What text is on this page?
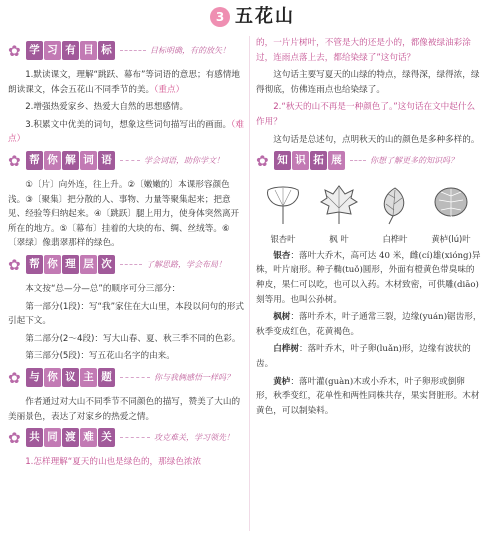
3 五花山
✿ 学 习 有 目 标	目标明确，有的放矢！

1.默读课文，理解“跳跃、幕布”等词语的意思；有感情地朗读课文，体会五花山不同季节的美。（重点）

2.增强热爱家乡、热爱大自然的思想感情。

3.积累文中优美的词句，想象这些词句描写出的画面。（难点）

✿ 帮 你 解 词 语	学会词语，助你学文！

①〔片〕向外连，往上升。②〔嫩嫩的〕本课形容颜色浅。③〔聚集〕把分散的人、事物、力量等聚集起来；把意见、经验等归纳起来。④〔跳跃〕腿上用力，使身体突然离开所在的地方。⑤〔幕布〕挂着的大块的布、绸、丝绒等。⑥〔翠绿〕像翡翠那样的绿色。

✿ 帮 你 理 层 次	了解思路，学会布局！

本文按“总—分—总”的顺序可分三部分：

第一部分(1段)：写“我”家住在大山里，本段以问句的形式引起下文。

第二部分(2～4段)：写大山春、夏、秋三季不同的色彩。

第三部分(5段)：写五花山名字的由来。

✿ 与 你 议 主 题	你与我俩感悟一样吗？

作者通过对大山不同季节不同颜色的描写，赞美了大山的美丽景色，表达了对家乡的热爱之情。

✿ 共 同 渡 难 关	攻克难关，学习领先！

1.怎样理解“夏天的山也是绿色的，那绿色浓浓

的，一片片树叶，不管是大的还是小的，都像被绿油彩涂过，连雨点落上去，都给染绿了”这句话？

这句话主要写夏天的山绿的特点，绿得深，绿得浓，绿得彻底，仿佛连雨点也给染绿了。

2.“秋天的山不再是一种颜色了。”这句话在文中起什么作用？

这句话是总述句，点明秋天的山的颜色是多种多样的。

✿ 知 识 拓 展	你想了解更多的知识吗？
银杏叶	枫 叶	白桦叶	黄栌(lú)叶

银杏：落叶大乔木，高可达 40 米，雌(cí)雄(xióng)异株，叶片扇形。种子椭(tuǒ)圆形，外面有橙黄色带臭味的种皮，果仁可以吃，也可以入药。木材致密，可供雕(diāo)刻等用。也叫公孙树。

枫树：落叶乔木，叶子通常三裂，边缘(yuán)锯齿形，秋季变成红色，花黄褐色。

白桦树：落叶乔木，叶子卵(luǎn)形，边缘有波状的齿。

黄栌：落叶灌(guàn)木或小乔木，叶子卵形或倒卵形，秋季变红，花单性和两性同株共存，果实肾脏形。木材黄色，可以制染料。
